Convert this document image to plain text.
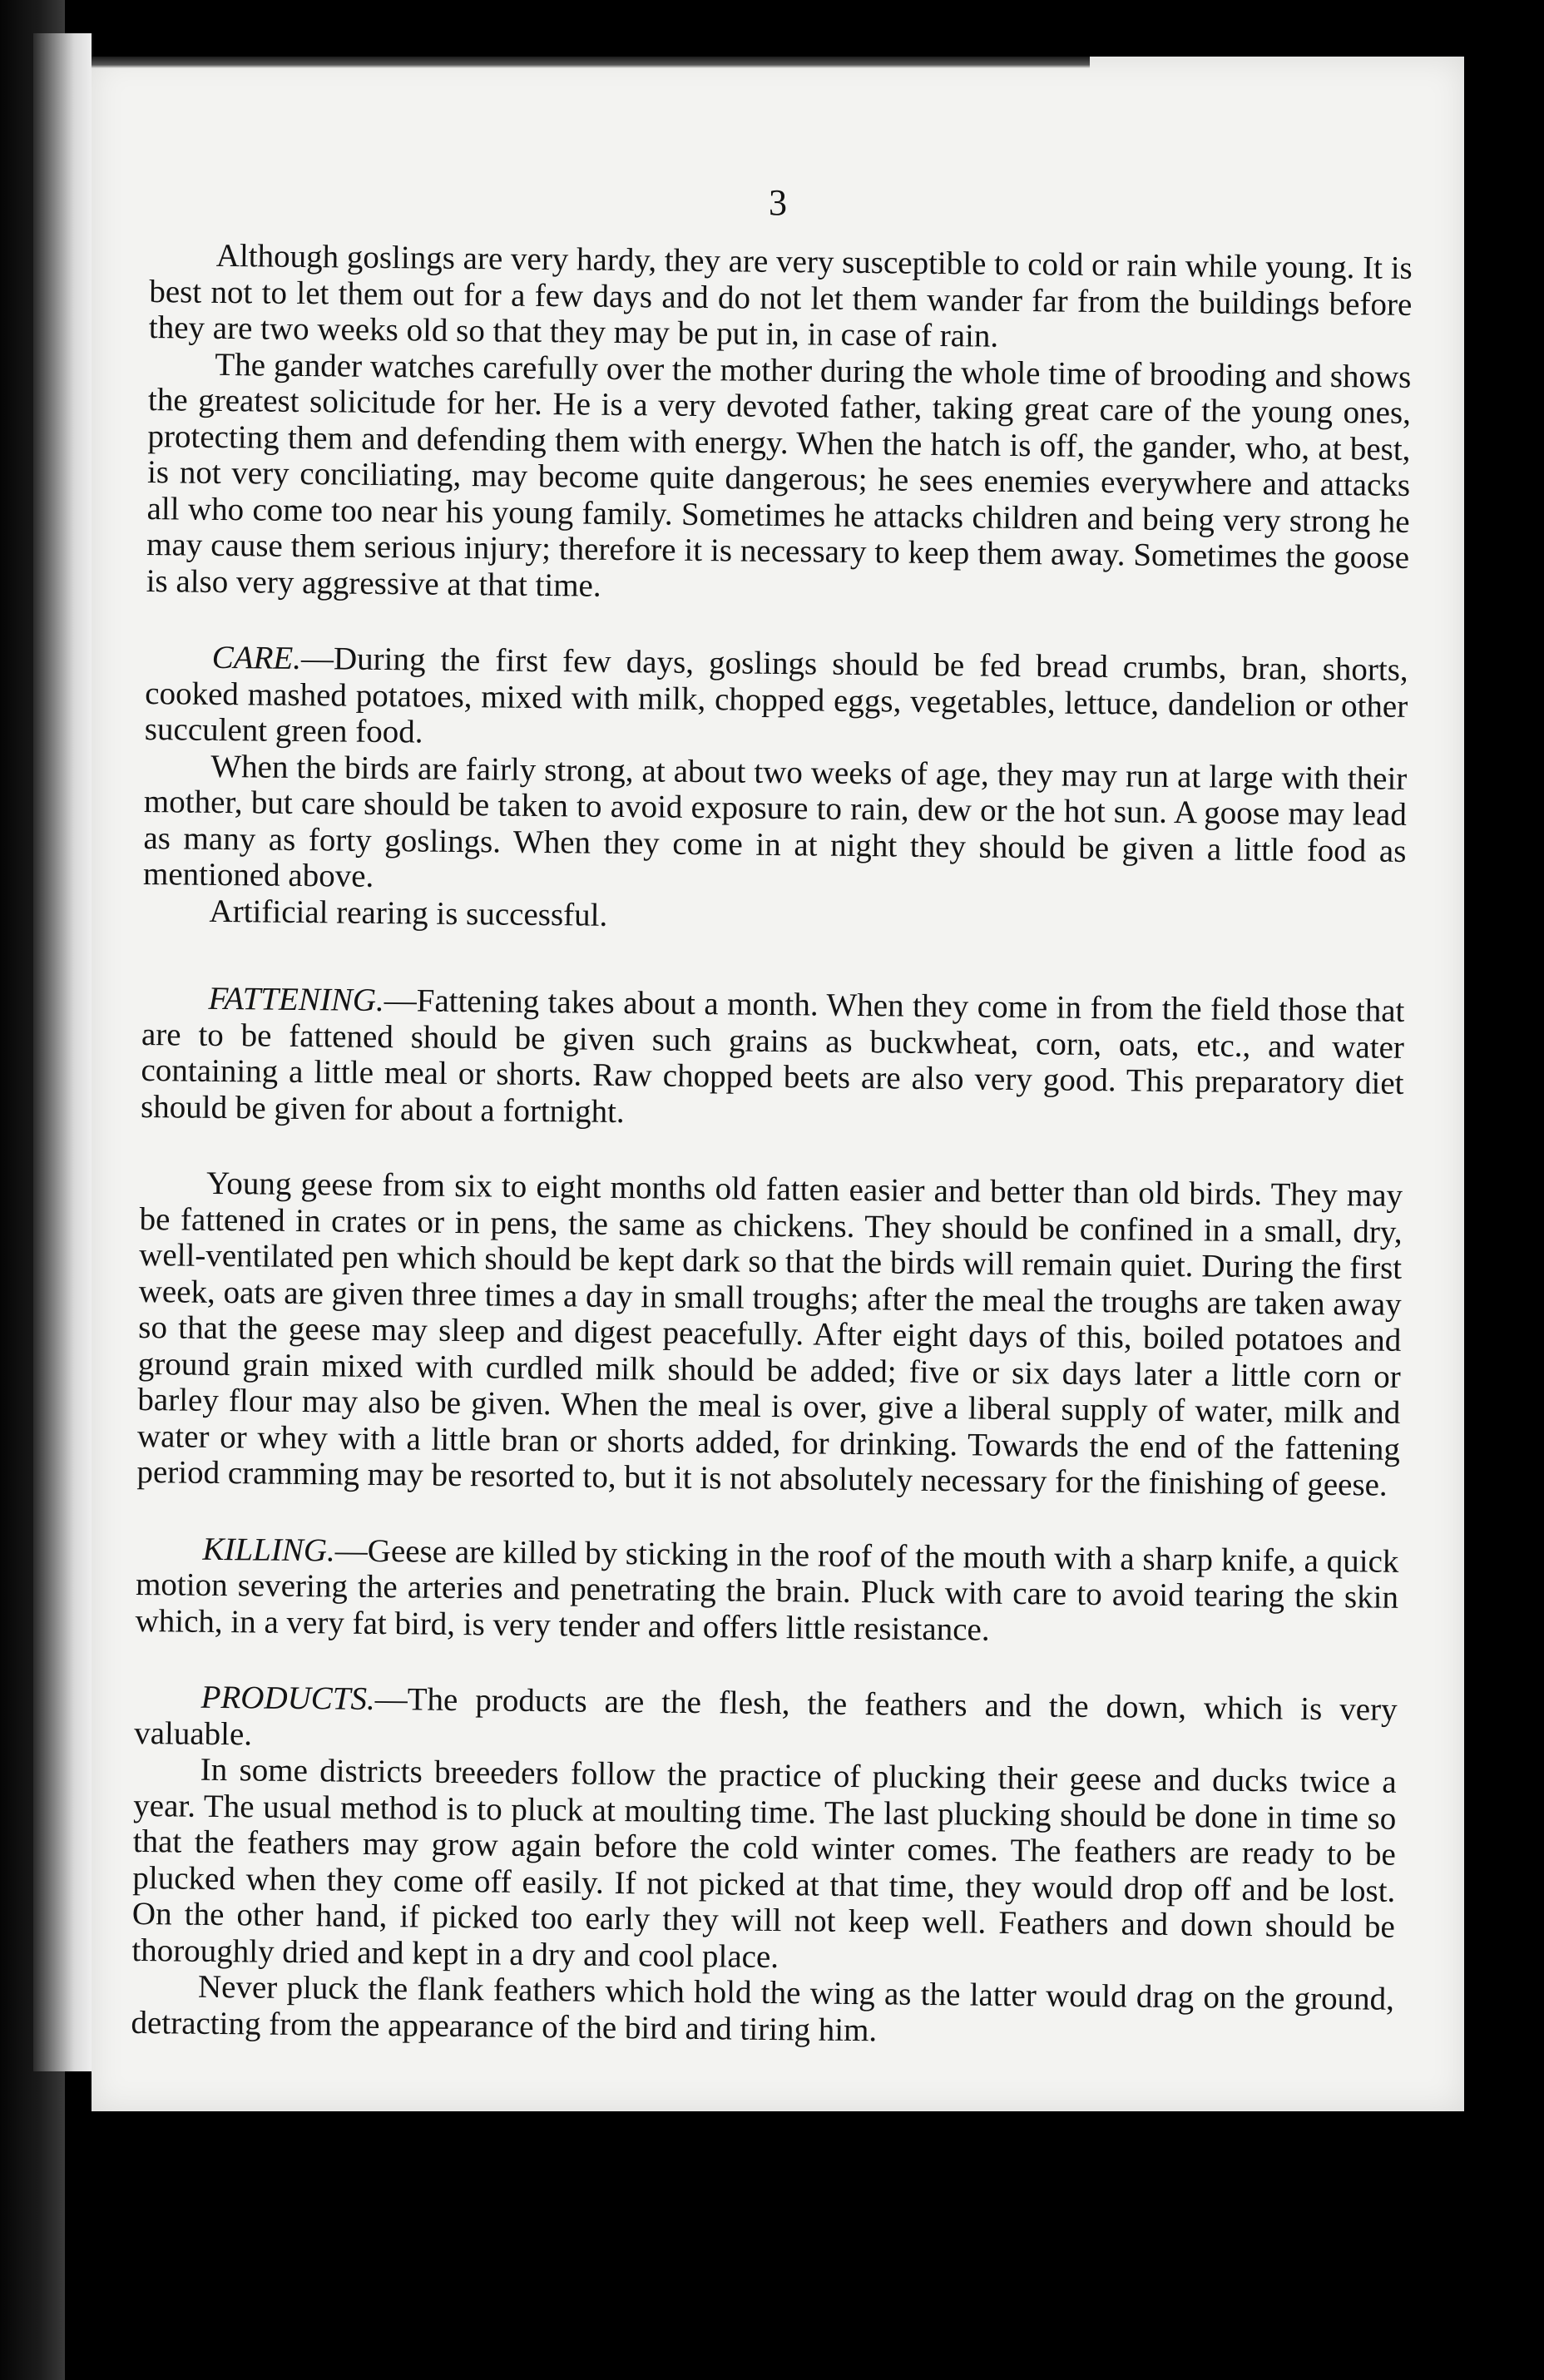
3

Although goslings are very hardy, they are very susceptible to cold or rain while young. It is best not to let them out for a few days and do not let them wander far from the buildings before they are two weeks old so that they may be put in, in case of rain.

The gander watches carefully over the mother during the whole time of brooding and shows the greatest solicitude for her. He is a very devoted father, taking great care of the young ones, protecting them and defending them with energy. When the hatch is off, the gander, who, at best, is not very conciliating, may become quite dangerous; he sees enemies everywhere and attacks all who come too near his young family. Sometimes he attacks children and being very strong he may cause them serious injury; therefore it is necessary to keep them away. Sometimes the goose is also very aggressive at that time.

CARE.—During the first few days, goslings should be fed bread crumbs, bran, shorts, cooked mashed potatoes, mixed with milk, chopped eggs, vegetables, lettuce, dandelion or other succulent green food.

When the birds are fairly strong, at about two weeks of age, they may run at large with their mother, but care should be taken to avoid exposure to rain, dew or the hot sun. A goose may lead as many as forty goslings. When they come in at night they should be given a little food as mentioned above.

Artificial rearing is successful.

FATTENING.—Fattening takes about a month. When they come in from the field those that are to be fattened should be given such grains as buckwheat, corn, oats, etc., and water containing a little meal or shorts. Raw chopped beets are also very good. This preparatory diet should be given for about a fortnight.

Young geese from six to eight months old fatten easier and better than old birds. They may be fattened in crates or in pens, the same as chickens. They should be confined in a small, dry, well-ventilated pen which should be kept dark so that the birds will remain quiet. During the first week, oats are given three times a day in small troughs; after the meal the troughs are taken away so that the geese may sleep and digest peacefully. After eight days of this, boiled potatoes and ground grain mixed with curdled milk should be added; five or six days later a little corn or barley flour may also be given. When the meal is over, give a liberal supply of water, milk and water or whey with a little bran or shorts added, for drinking. Towards the end of the fattening period cramming may be resorted to, but it is not absolutely necessary for the finishing of geese.

KILLING.—Geese are killed by sticking in the roof of the mouth with a sharp knife, a quick motion severing the arteries and penetrating the brain. Pluck with care to avoid tearing the skin which, in a very fat bird, is very tender and offers little resistance.

PRODUCTS.—The products are the flesh, the feathers and the down, which is very valuable.

In some districts breeeders follow the practice of plucking their geese and ducks twice a year. The usual method is to pluck at moulting time. The last plucking should be done in time so that the feathers may grow again before the cold winter comes. The feathers are ready to be plucked when they come off easily. If not picked at that time, they would drop off and be lost. On the other hand, if picked too early they will not keep well. Feathers and down should be thoroughly dried and kept in a dry and cool place.

Never pluck the flank feathers which hold the wing as the latter would drag on the ground, detracting from the appearance of the bird and tiring him.
